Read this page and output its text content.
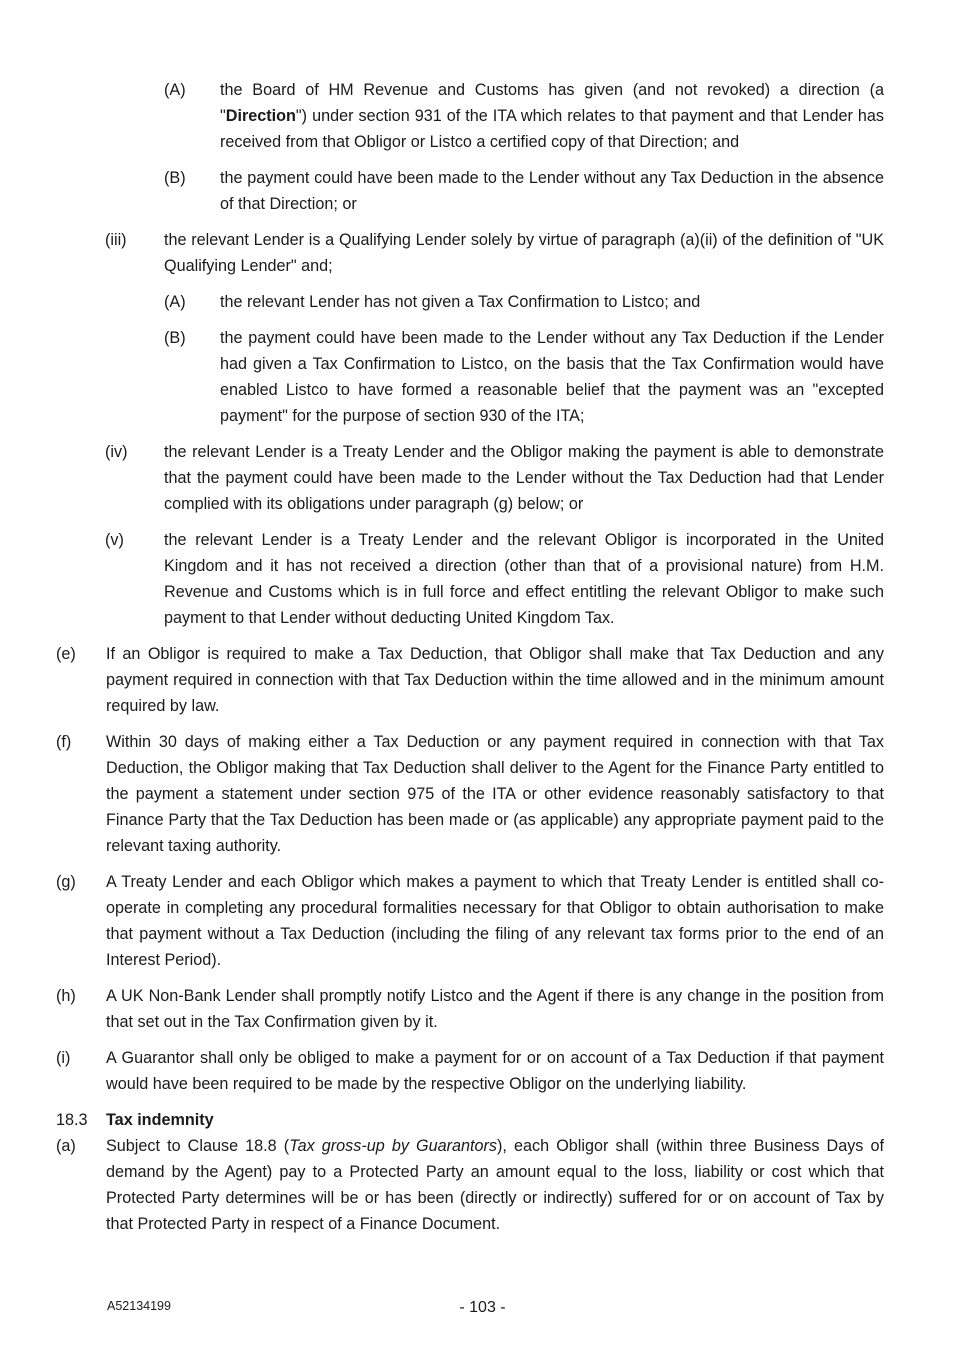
(A)	the Board of HM Revenue and Customs has given (and not revoked) a direction (a "Direction") under section 931 of the ITA which relates to that payment and that Lender has received from that Obligor or Listco a certified copy of that Direction; and
(B)	the payment could have been made to the Lender without any Tax Deduction in the absence of that Direction; or
(iii)	the relevant Lender is a Qualifying Lender solely by virtue of paragraph (a)(ii) of the definition of "UK Qualifying Lender" and;
(A)	the relevant Lender has not given a Tax Confirmation to Listco; and
(B)	the payment could have been made to the Lender without any Tax Deduction if the Lender had given a Tax Confirmation to Listco, on the basis that the Tax Confirmation would have enabled Listco to have formed a reasonable belief that the payment was an "excepted payment" for the purpose of section 930 of the ITA;
(iv)	the relevant Lender is a Treaty Lender and the Obligor making the payment is able to demonstrate that the payment could have been made to the Lender without the Tax Deduction had that Lender complied with its obligations under paragraph (g) below; or
(v)	the relevant Lender is a Treaty Lender and the relevant Obligor is incorporated in the United Kingdom and it has not received a direction (other than that of a provisional nature) from H.M. Revenue and Customs which is in full force and effect entitling the relevant Obligor to make such payment to that Lender without deducting United Kingdom Tax.
(e)	If an Obligor is required to make a Tax Deduction, that Obligor shall make that Tax Deduction and any payment required in connection with that Tax Deduction within the time allowed and in the minimum amount required by law.
(f)	Within 30 days of making either a Tax Deduction or any payment required in connection with that Tax Deduction, the Obligor making that Tax Deduction shall deliver to the Agent for the Finance Party entitled to the payment a statement under section 975 of the ITA or other evidence reasonably satisfactory to that Finance Party that the Tax Deduction has been made or (as applicable) any appropriate payment paid to the relevant taxing authority.
(g)	A Treaty Lender and each Obligor which makes a payment to which that Treaty Lender is entitled shall co-operate in completing any procedural formalities necessary for that Obligor to obtain authorisation to make that payment without a Tax Deduction (including the filing of any relevant tax forms prior to the end of an Interest Period).
(h)	A UK Non-Bank Lender shall promptly notify Listco and the Agent if there is any change in the position from that set out in the Tax Confirmation given by it.
(i)	A Guarantor shall only be obliged to make a payment for or on account of a Tax Deduction if that payment would have been required to be made by the respective Obligor on the underlying liability.
18.3	Tax indemnity
(a)	Subject to Clause 18.8 (Tax gross-up by Guarantors), each Obligor shall (within three Business Days of demand by the Agent) pay to a Protected Party an amount equal to the loss, liability or cost which that Protected Party determines will be or has been (directly or indirectly) suffered for or on account of Tax by that Protected Party in respect of a Finance Document.
A52134199	- 103 -
